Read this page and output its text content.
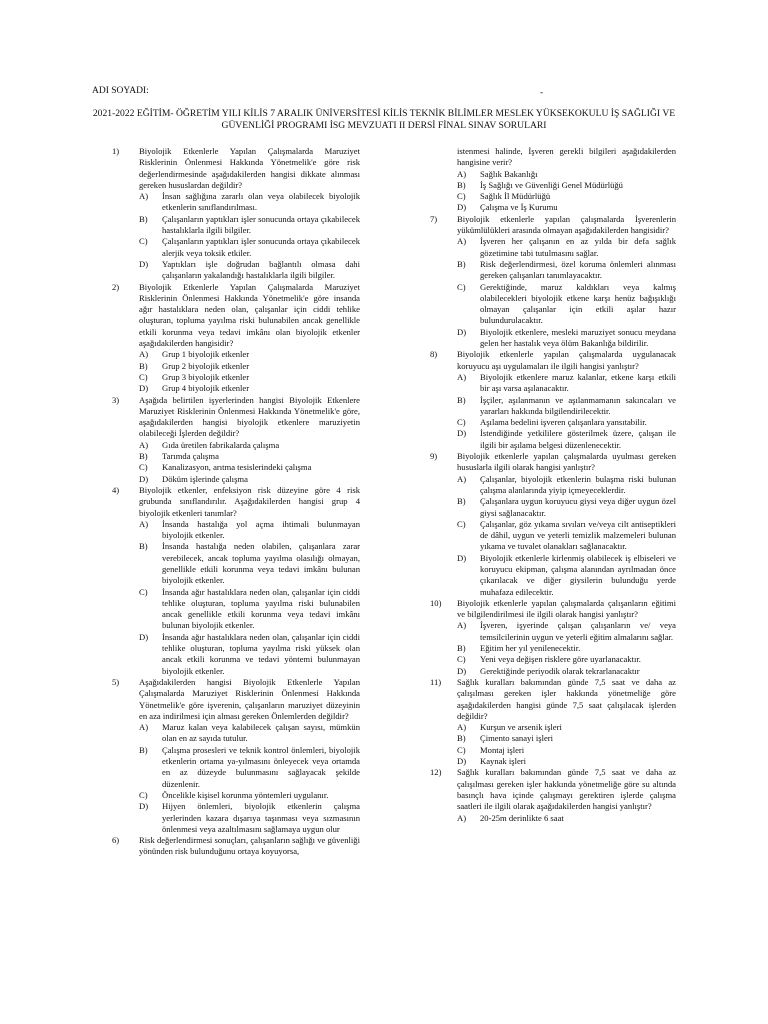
ADI SOYADI:	-
2021-2022 EĞİTİM- ÖĞRETİM YILI KİLİS 7 ARALIK ÜNİVERSİTESİ KİLİS TEKNİK BİLİMLER MESLEK YÜKSEKOKULU İŞ SAĞLIĞI VE GÜVENLİĞİ PROGRAMI İSG MEVZUATI II DERSİ FİNAL SINAV SORULARI
1)	Biyolojik Etkenlerle Yapılan Çalışmalarda Maruziyet Risklerinin Önlenmesi Hakkında Yönetmelik'e göre risk değerlendirmesinde aşağıdakilerden hangisi dikkate alınması gereken hususlardan değildir?
A)	İnsan sağlığına zararlı olan veya olabilecek biyolojik etkenlerin sınıflandırılması.
B)	Çalışanların yaptıkları işler sonucunda ortaya çıkabilecek hastalıklarla ilgili bilgiler.
C)	Çalışanların yaptıkları işler sonucunda ortaya çıkabilecek alerjik veya toksik etkiler.
D)	Yaptıkları işle doğrudan bağlantılı olmasa dahi çalışanların yakalandığı hastalıklarla ilgili bilgiler.
2)	Biyolojik Etkenlerle Yapılan Çalışmalarda Maruziyet Risklerinin Önlenmesi Hakkında Yönetmelik'e göre insanda ağır hastalıklara neden olan, çalışanlar için ciddi tehlike oluşturan, topluma yayılma riski bulunabilen ancak genellikle etkili korunma veya tedavi imkânı olan biyolojik etkenler aşağıdakilerden hangisidir?
A)	Grup 1 biyolojik etkenler
B)	Grup 2 biyolojik etkenler
C)	Grup 3 biyolojik etkenler
D)	Grup 4 biyolojik etkenler
3)	Aşağıda belirtilen işyerlerinden hangisi Biyolojik Etkenlere Maruziyet Risklerinin Önlenmesi Hakkında Yönetmelik'e göre, aşağıdakilerden hangisi biyolojik etkenlere maruziyetin olabileceği İşlerden değildir?
A)	Gıda üretilen fabrikalarda çalışma
B)	Tarımda çalışma
C)	Kanalizasyon, arıtma tesislerindeki çalışma
D)	Döküm işlerinde çalışma
4)	Biyolojik etkenler, enfeksiyon risk düzeyine göre 4 risk grubunda sınıflandırılır. Aşağıdakilerden hangisi grup 4 biyolojik etkenleri tanımlar?
A)	İnsanda hastalığa yol açma ihtimali bulunmayan biyolojik etkenler.
B)	İnsanda hastalığa neden olabilen, çalışanlara zarar verebilecek, ancak topluma yayılma olasılığı olmayan, genellikle etkili korunma veya tedavi imkânı bulunan biyolojik etkenler.
C)	İnsanda ağır hastalıklara neden olan, çalışanlar için ciddi tehlike oluşturan, topluma yayılma riski bulunabilen ancak genellikle etkili korunma veya tedavi imkânı bulunan biyolojik etkenler.
D)	İnsanda ağır hastalıklara neden olan, çalışanlar için ciddi tehlike oluşturan, topluma yayılma riski yüksek olan ancak etkili korunma ve tedavi yöntemi bulunmayan biyolojik etkenler.
5)	Aşağıdakilerden hangisi Biyolojik Etkenlerle Yapılan Çalışmalarda Maruziyet Risklerinin Önlenmesi Hakkında Yönetmelik'e göre işverenin, çalışanların maruziyet düzeyinin en aza indirilmesi için alması gereken Önlemlerden değildir?
A)	Maruz kalan veya kalabilecek çalışan sayısı, mümkün olan en az sayıda tutulur.
B)	Çalışma prosesleri ve teknik kontrol önlemleri, biyolojik etkenlerin ortama ya-yılmasını önleyecek veya ortamda en az düzeyde bulunmasını sağlayacak şekilde düzenlenir.
C)	Öncelikle kişisel korunma yöntemleri uygulanır.
D)	Hijyen önlemleri, biyolojik etkenlerin çalışma yerlerinden kazara dışarıya taşınması veya sızmasının önlenmesi veya azaltılmasını sağlamaya uygun olur
6)	Risk değerlendirmesi sonuçları, çalışanların sağlığı ve güvenliği yönünden risk bulunduğunu ortaya koyuyorsa,
istenmesi halinde, İşveren gerekli bilgileri aşağıdakilerden hangisine verir?
A)	Sağlık Bakanlığı
B)	İş Sağlığı ve Güvenliği Genel Müdürlüğü
C)	Sağlık İl Müdürlüğü
D)	Çalışma ve İş Kurumu
7)	Biyolojik etkenlerle yapılan çalışmalarda İşverenlerin yükümlülükleri arasında olmayan aşağıdakilerden hangisidir?
A)	İşveren her çalışanın en az yılda bir defa sağlık gözetimine tabi tutulmasını sağlar.
B)	Risk değerlendirmesi, özel koruma önlemleri alınması gereken çalışanları tanımlayacaktır.
C)	Gerektiğinde, maruz kaldıkları veya kalmış olabilecekleri biyolojik etkene karşı henüz bağışıklığı olmayan çalışanlar için etkili aşılar hazır bulundurulacaktır.
D)	Biyolojik etkenlere, mesleki maruziyet sonucu meydana gelen her hastalık veya ölüm Bakanlığa bildirilir.
8)	Biyolojik etkenlerle yapılan çalışmalarda uygulanacak koruyucu aşı uygulamaları ile ilgili hangisi yanlıştır?
A)	Biyolojik etkenlere maruz kalanlar, etkene karşı etkili bir aşı varsa aşılanacaktır.
B)	İşçiler, aşılanmanın ve aşılanmamanın sakıncaları ve yararları hakkında bilgilendirilecektir.
C)	Aşılama bedelini işveren çalışanlara yansıtabilir.
D)	İstendiğinde yetkililere gösterilmek üzere, çalışan ile ilgili bir aşılama belgesi düzenlenecektir.
9)	Biyolojik etkenlerle yapılan çalışmalarda uyulması gereken hususlarla ilgili olarak hangisi yanlıştır?
A)	Çalışanlar, biyolojik etkenlerin bulaşma riski bulunan çalışma alanlarında yiyip içmeyeceklerdir.
B)	Çalışanlara uygun koruyucu giysi veya diğer uygun özel giysi sağlanacaktır.
C)	Çalışanlar, göz yıkama sıvıları ve/veya cilt antiseptikleri de dâhil, uygun ve yeterli temizlik malzemeleri bulunan yıkama ve tuvalet olanakları sağlanacaktır.
D)	Biyolojik etkenlerle kirlenmiş olabilecek iş elbiseleri ve koruyucu ekipman, çalışma alanından ayrılmadan önce çıkarılacak ve diğer giysilerin bulunduğu yerde muhafaza edilecektir.
10)	Biyolojik etkenlerle yapılan çalışmalarda çalışanların eğitimi ve bilgilendirilmesi ile ilgili olarak hangisi yanlıştır?
A)	İşveren, işyerinde çalışan çalışanların ve/ veya temsilcilerinin uygun ve yeterli eğitim almalarını sağlar.
B)	Eğitim her yıl yenilenecektir.
C)	Yeni veya değişen risklere göre uyarlanacaktır.
D)	Gerektiğinde periyodik olarak tekrarlanacaktır
11)	Sağlık kuralları bakımından günde 7,5 saat ve daha az çalışılması gereken işler hakkında yönetmeliğe göre aşağıdakilerden hangisi günde 7,5 saat çalışılacak işlerden değildir?
A)	Kurşun ve arsenik işleri
B)	Çimento sanayi işleri
C)	Montaj işleri
D)	Kaynak işleri
12)	Sağlık kuralları bakımından günde 7,5 saat ve daha az çalışılması gereken işler hakkında yönetmeliğe göre su altında basınçlı hava içinde çalışmayı gerektiren işlerde çalışma saatleri ile ilgili olarak aşağıdakilerden hangisi yanlıştır?
A)	20-25m derinlikte 6 saat
